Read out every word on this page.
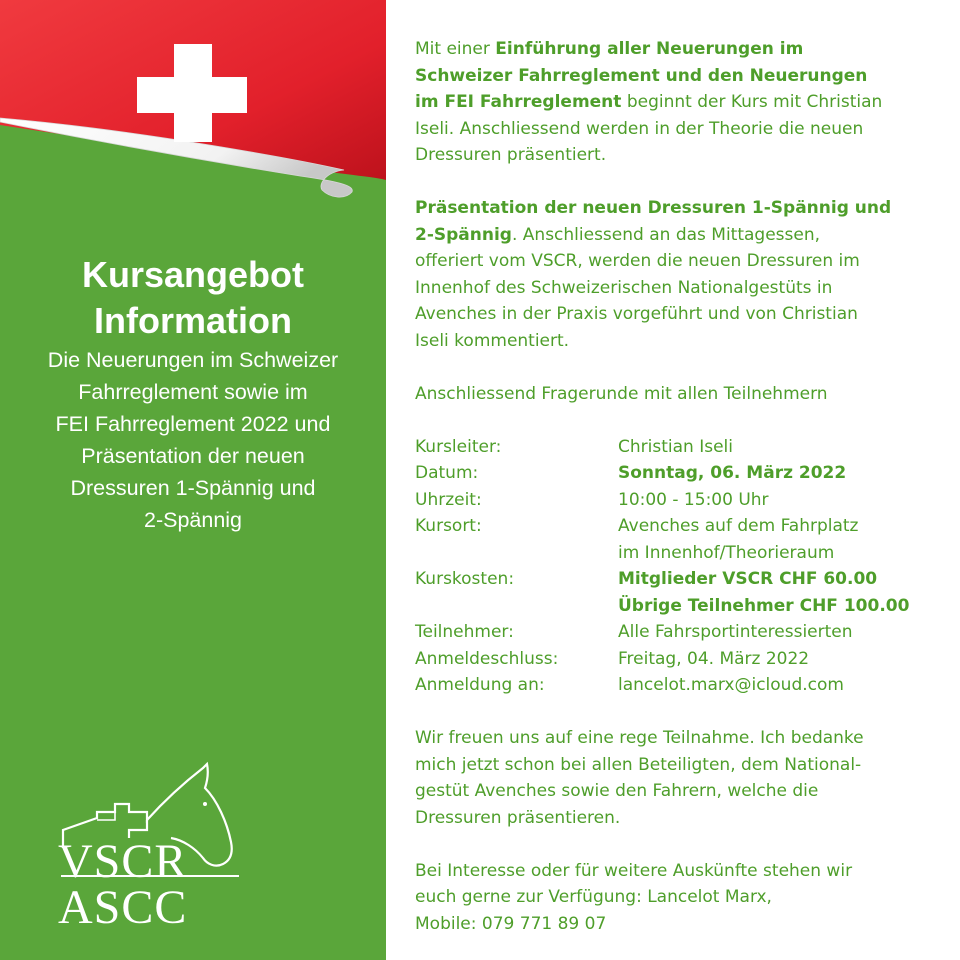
Kursangebot
Information
Die Neuerungen im Schweizer
Fahrreglement sowie im
FEI Fahrreglement 2022 und
Präsentation der neuen
Dressuren 1-Spännig und
2-Spännig
VSCR
ASCC

Mit einer Einführung aller Neuerungen im
Schweizer Fahrreglement und den Neuerungen
im FEI Fahrreglement beginnt der Kurs mit Christian
Iseli. Anschliessend werden in der Theorie die neuen
Dressuren präsentiert.

Präsentation der neuen Dressuren 1-Spännig und
2-Spännig. Anschliessend an das Mittagessen,
offeriert vom VSCR, werden die neuen Dressuren im
Innenhof des Schweizerischen Nationalgestüts in
Avenches in der Praxis vorgeführt und von Christian
Iseli kommentiert.

Anschliessend Fragerunde mit allen Teilnehmern

Kursleiter:	Christian Iseli
Datum:	Sonntag, 06. März 2022
Uhrzeit:	10:00 - 15:00 Uhr
Kursort:	Avenches auf dem Fahrplatz
im Innenhof/Theorieraum
Kurskosten:	Mitglieder VSCR CHF 60.00
Übrige Teilnehmer CHF 100.00
Teilnehmer:	Alle Fahrsportinteressierten
Anmeldeschluss:	Freitag, 04. März 2022
Anmeldung an:	lancelot.marx@icloud.com

Wir freuen uns auf eine rege Teilnahme. Ich bedanke
mich jetzt schon bei allen Beteiligten, dem National-
gestüt Avenches sowie den Fahrern, welche die
Dressuren präsentieren.

Bei Interesse oder für weitere Auskünfte stehen wir
euch gerne zur Verfügung: Lancelot Marx,
Mobile: 079 771 89 07
